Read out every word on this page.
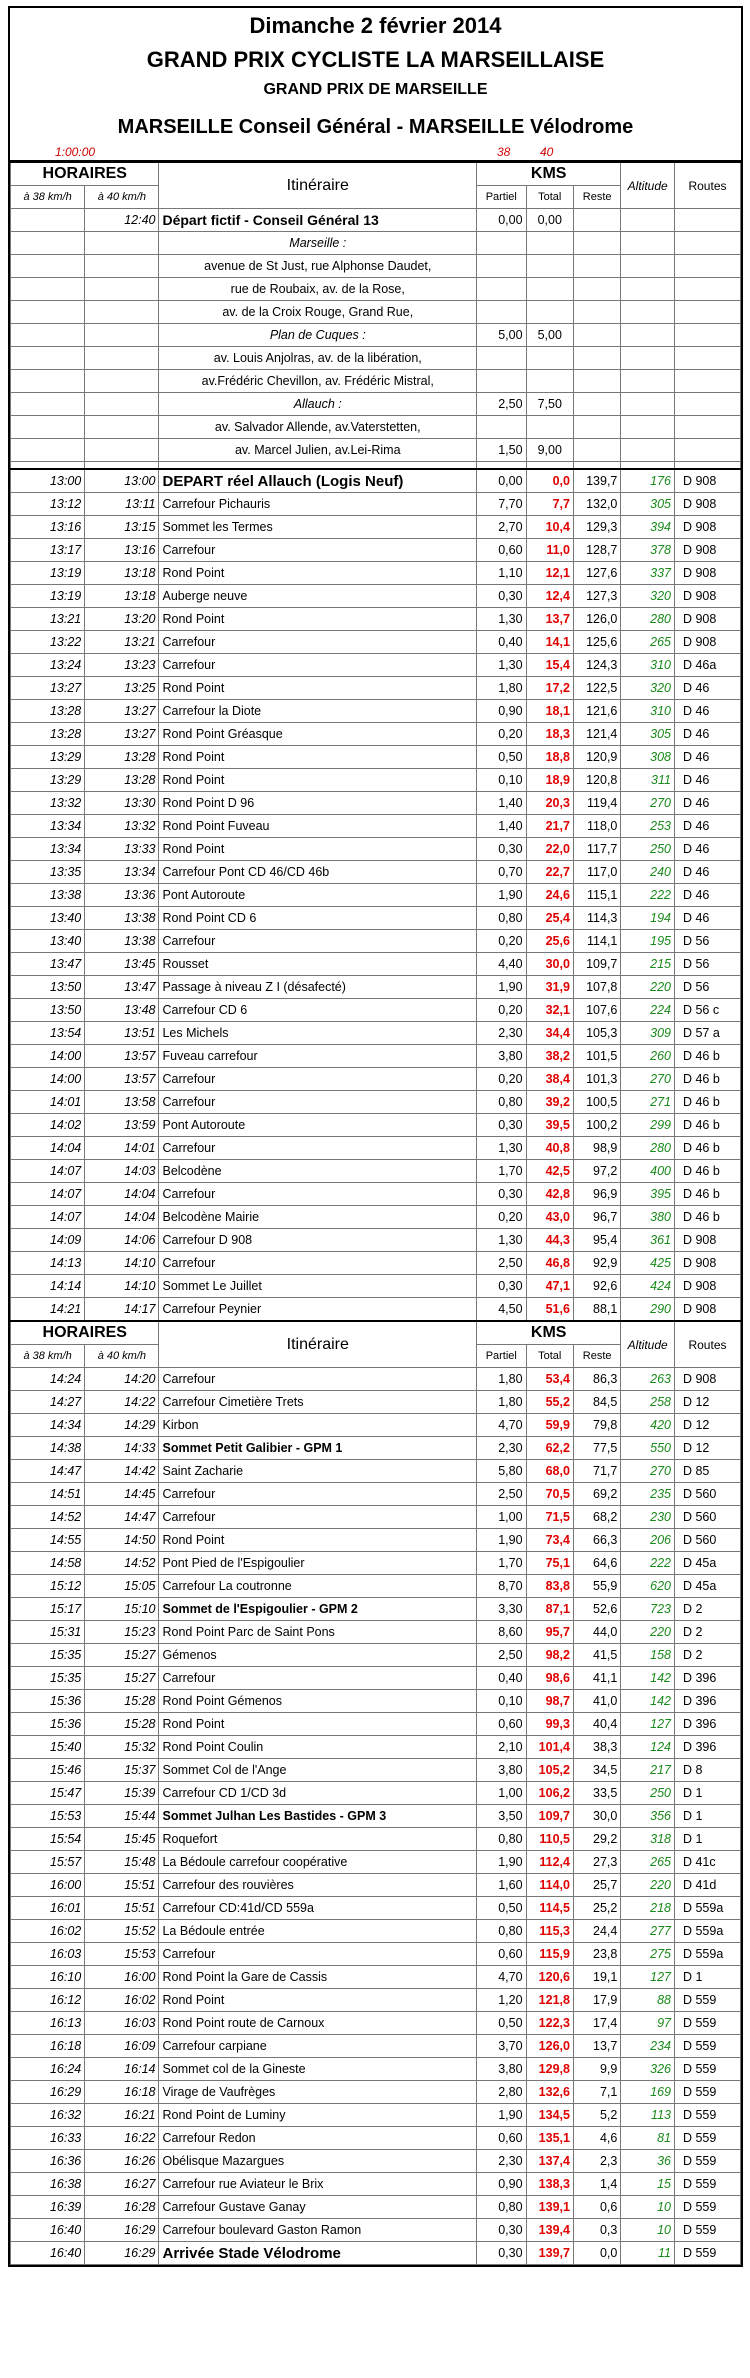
Dimanche 2 février 2014
GRAND PRIX CYCLISTE LA MARSEILLAISE
GRAND PRIX DE MARSEILLE
MARSEILLE Conseil Général - MARSEILLE Vélodrome
1:00:00	38 40
HORAIRES		Itinéraire	KMS			Altitude	Routes
à 38 km/h	à 40 km/h		Partiel	Total	Reste		
	12:40	Départ fictif - Conseil Général 13	0,00	0,00			
		Marseille :					
		avenue de St Just, rue Alphonse Daudet,					
		rue de Roubaix, av. de la Rose,					
		av. de la Croix Rouge, Grand Rue,					
		Plan de Cuques :	5,00	5,00			
		av. Louis Anjolras, av. de la libération,					
		av.Frédéric Chevillon, av. Frédéric Mistral,					
		Allauch :	2,50	7,50			
		av. Salvador Allende, av.Vaterstetten,					
		av. Marcel Julien, av.Lei-Rima	1,50	9,00			

13:00	13:00	DEPART réel Allauch (Logis Neuf)	0,00	0,0	139,7	176	D 908
13:12	13:11	Carrefour Pichauris	7,70	7,7	132,0	305	D 908
13:16	13:15	Sommet les Termes	2,70	10,4	129,3	394	D 908
13:17	13:16	Carrefour	0,60	11,0	128,7	378	D 908
13:19	13:18	Rond Point	1,10	12,1	127,6	337	D 908
13:19	13:18	Auberge neuve	0,30	12,4	127,3	320	D 908
13:21	13:20	Rond Point	1,30	13,7	126,0	280	D 908
13:22	13:21	Carrefour	0,40	14,1	125,6	265	D 908
13:24	13:23	Carrefour	1,30	15,4	124,3	310	D 46a
13:27	13:25	Rond Point	1,80	17,2	122,5	320	D 46
13:28	13:27	Carrefour la Diote	0,90	18,1	121,6	310	D 46
13:28	13:27	Rond Point Gréasque	0,20	18,3	121,4	305	D 46
13:29	13:28	Rond Point	0,50	18,8	120,9	308	D 46
13:29	13:28	Rond Point	0,10	18,9	120,8	311	D 46
13:32	13:30	Rond Point D 96	1,40	20,3	119,4	270	D 46
13:34	13:32	Rond Point Fuveau	1,40	21,7	118,0	253	D 46
13:34	13:33	Rond Point	0,30	22,0	117,7	250	D 46
13:35	13:34	Carrefour Pont CD 46/CD 46b	0,70	22,7	117,0	240	D 46
13:38	13:36	Pont Autoroute	1,90	24,6	115,1	222	D 46
13:40	13:38	Rond Point CD 6	0,80	25,4	114,3	194	D 46
13:40	13:38	Carrefour	0,20	25,6	114,1	195	D 56
13:47	13:45	Rousset	4,40	30,0	109,7	215	D 56
13:50	13:47	Passage à niveau Z I (désafecté)	1,90	31,9	107,8	220	D 56
13:50	13:48	Carrefour CD 6	0,20	32,1	107,6	224	D 56 c
13:54	13:51	Les Michels	2,30	34,4	105,3	309	D 57 a
14:00	13:57	Fuveau carrefour	3,80	38,2	101,5	260	D 46 b
14:00	13:57	Carrefour	0,20	38,4	101,3	270	D 46 b
14:01	13:58	Carrefour	0,80	39,2	100,5	271	D 46 b
14:02	13:59	Pont Autoroute	0,30	39,5	100,2	299	D 46 b
14:04	14:01	Carrefour	1,30	40,8	98,9	280	D 46 b
14:07	14:03	Belcodène	1,70	42,5	97,2	400	D 46 b
14:07	14:04	Carrefour	0,30	42,8	96,9	395	D 46 b
14:07	14:04	Belcodène Mairie	0,20	43,0	96,7	380	D 46 b
14:09	14:06	Carrefour D 908	1,30	44,3	95,4	361	D 908
14:13	14:10	Carrefour	2,50	46,8	92,9	425	D 908
14:14	14:10	Sommet Le Juillet	0,30	47,1	92,6	424	D 908
14:21	14:17	Carrefour Peynier	4,50	51,6	88,1	290	D 908
HORAIRES		Itinéraire	KMS			Altitude	Routes
à 38 km/h	à 40 km/h		Partiel	Total	Reste		
14:24	14:20	Carrefour	1,80	53,4	86,3	263	D 908
14:27	14:22	Carrefour Cimetière Trets	1,80	55,2	84,5	258	D 12
14:34	14:29	Kirbon	4,70	59,9	79,8	420	D 12
14:38	14:33	Sommet Petit Galibier - GPM 1	2,30	62,2	77,5	550	D 12
14:47	14:42	Saint Zacharie	5,80	68,0	71,7	270	D 85
14:51	14:45	Carrefour	2,50	70,5	69,2	235	D 560
14:52	14:47	Carrefour	1,00	71,5	68,2	230	D 560
14:55	14:50	Rond Point	1,90	73,4	66,3	206	D 560
14:58	14:52	Pont Pied de l'Espigoulier	1,70	75,1	64,6	222	D 45a
15:12	15:05	Carrefour La coutronne	8,70	83,8	55,9	620	D 45a
15:17	15:10	Sommet de l'Espigoulier - GPM 2	3,30	87,1	52,6	723	D 2
15:31	15:23	Rond Point Parc de Saint Pons	8,60	95,7	44,0	220	D 2
15:35	15:27	Gémenos	2,50	98,2	41,5	158	D 2
15:35	15:27	Carrefour	0,40	98,6	41,1	142	D 396
15:36	15:28	Rond Point Gémenos	0,10	98,7	41,0	142	D 396
15:36	15:28	Rond Point	0,60	99,3	40,4	127	D 396
15:40	15:32	Rond Point Coulin	2,10	101,4	38,3	124	D 396
15:46	15:37	Sommet Col de l'Ange	3,80	105,2	34,5	217	D 8
15:47	15:39	Carrefour CD 1/CD 3d	1,00	106,2	33,5	250	D 1
15:53	15:44	Sommet Julhan Les Bastides - GPM 3	3,50	109,7	30,0	356	D 1
15:54	15:45	Roquefort	0,80	110,5	29,2	318	D 1
15:57	15:48	La Bédoule carrefour coopérative	1,90	112,4	27,3	265	D 41c
16:00	15:51	Carrefour des rouvières	1,60	114,0	25,7	220	D 41d
16:01	15:51	Carrefour CD:41d/CD 559a	0,50	114,5	25,2	218	D 559a
16:02	15:52	La Bédoule entrée	0,80	115,3	24,4	277	D 559a
16:03	15:53	Carrefour	0,60	115,9	23,8	275	D 559a
16:10	16:00	Rond Point la Gare de Cassis	4,70	120,6	19,1	127	D 1
16:12	16:02	Rond Point	1,20	121,8	17,9	88	D 559
16:13	16:03	Rond Point route de Carnoux	0,50	122,3	17,4	97	D 559
16:18	16:09	Carrefour carpiane	3,70	126,0	13,7	234	D 559
16:24	16:14	Sommet col de la Gineste	3,80	129,8	9,9	326	D 559
16:29	16:18	Virage de Vaufrèges	2,80	132,6	7,1	169	D 559
16:32	16:21	Rond Point de Luminy	1,90	134,5	5,2	113	D 559
16:33	16:22	Carrefour Redon	0,60	135,1	4,6	81	D 559
16:36	16:26	Obélisque Mazargues	2,30	137,4	2,3	36	D 559
16:38	16:27	Carrefour rue Aviateur le Brix	0,90	138,3	1,4	15	D 559
16:39	16:28	Carrefour Gustave Ganay	0,80	139,1	0,6	10	D 559
16:40	16:29	Carrefour boulevard Gaston Ramon	0,30	139,4	0,3	10	D 559
16:40	16:29	Arrivée Stade Vélodrome	0,30	139,7	0,0	11	D 559
